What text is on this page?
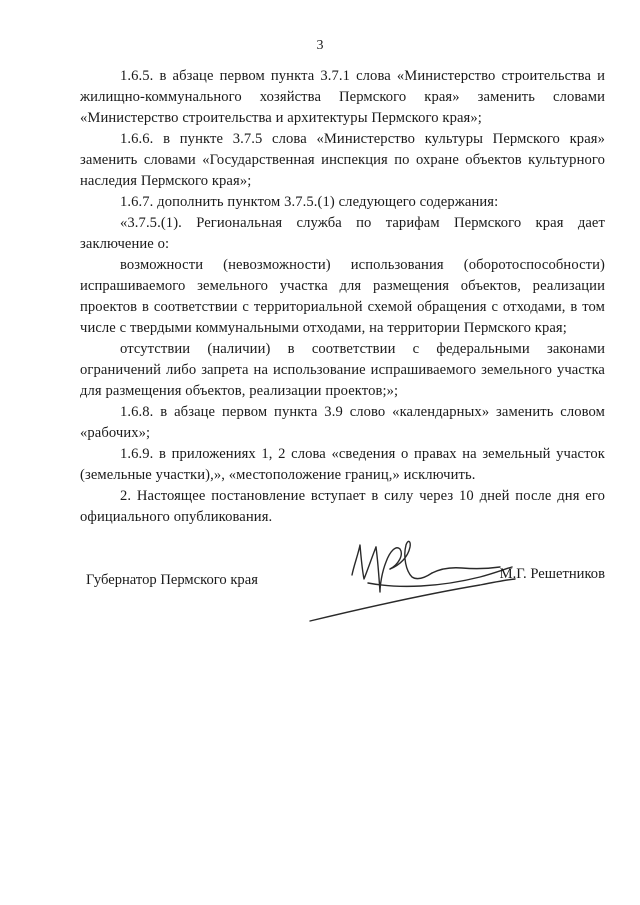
3

1.6.5. в абзаце первом пункта 3.7.1 слова «Министерство строительства и жилищно-коммунального хозяйства Пермского края» заменить словами «Министерство строительства и архитектуры Пермского края»;

1.6.6. в пункте 3.7.5 слова «Министерство культуры Пермского края» заменить словами «Государственная инспекция по охране объектов культурного наследия Пермского края»;

1.6.7. дополнить пунктом 3.7.5.(1) следующего содержания:

«3.7.5.(1). Региональная служба по тарифам Пермского края дает заключение о:

возможности (невозможности) использования (оборотоспособности) испрашиваемого земельного участка для размещения объектов, реализации проектов в соответствии с территориальной схемой обращения с отходами, в том числе с твердыми коммунальными отходами, на территории Пермского края;

отсутствии (наличии) в соответствии с федеральными законами ограничений либо запрета на использование испрашиваемого земельного участка для размещения объектов, реализации проектов;»;

1.6.8. в абзаце первом пункта 3.9 слово «календарных» заменить словом «рабочих»;

1.6.9. в приложениях 1, 2 слова «сведения о правах на земельный участок (земельные участки),», «местоположение границ,» исключить.

2. Настоящее постановление вступает в силу через 10 дней после дня его официального опубликования.

Губернатор Пермского края	М.Г. Решетников
